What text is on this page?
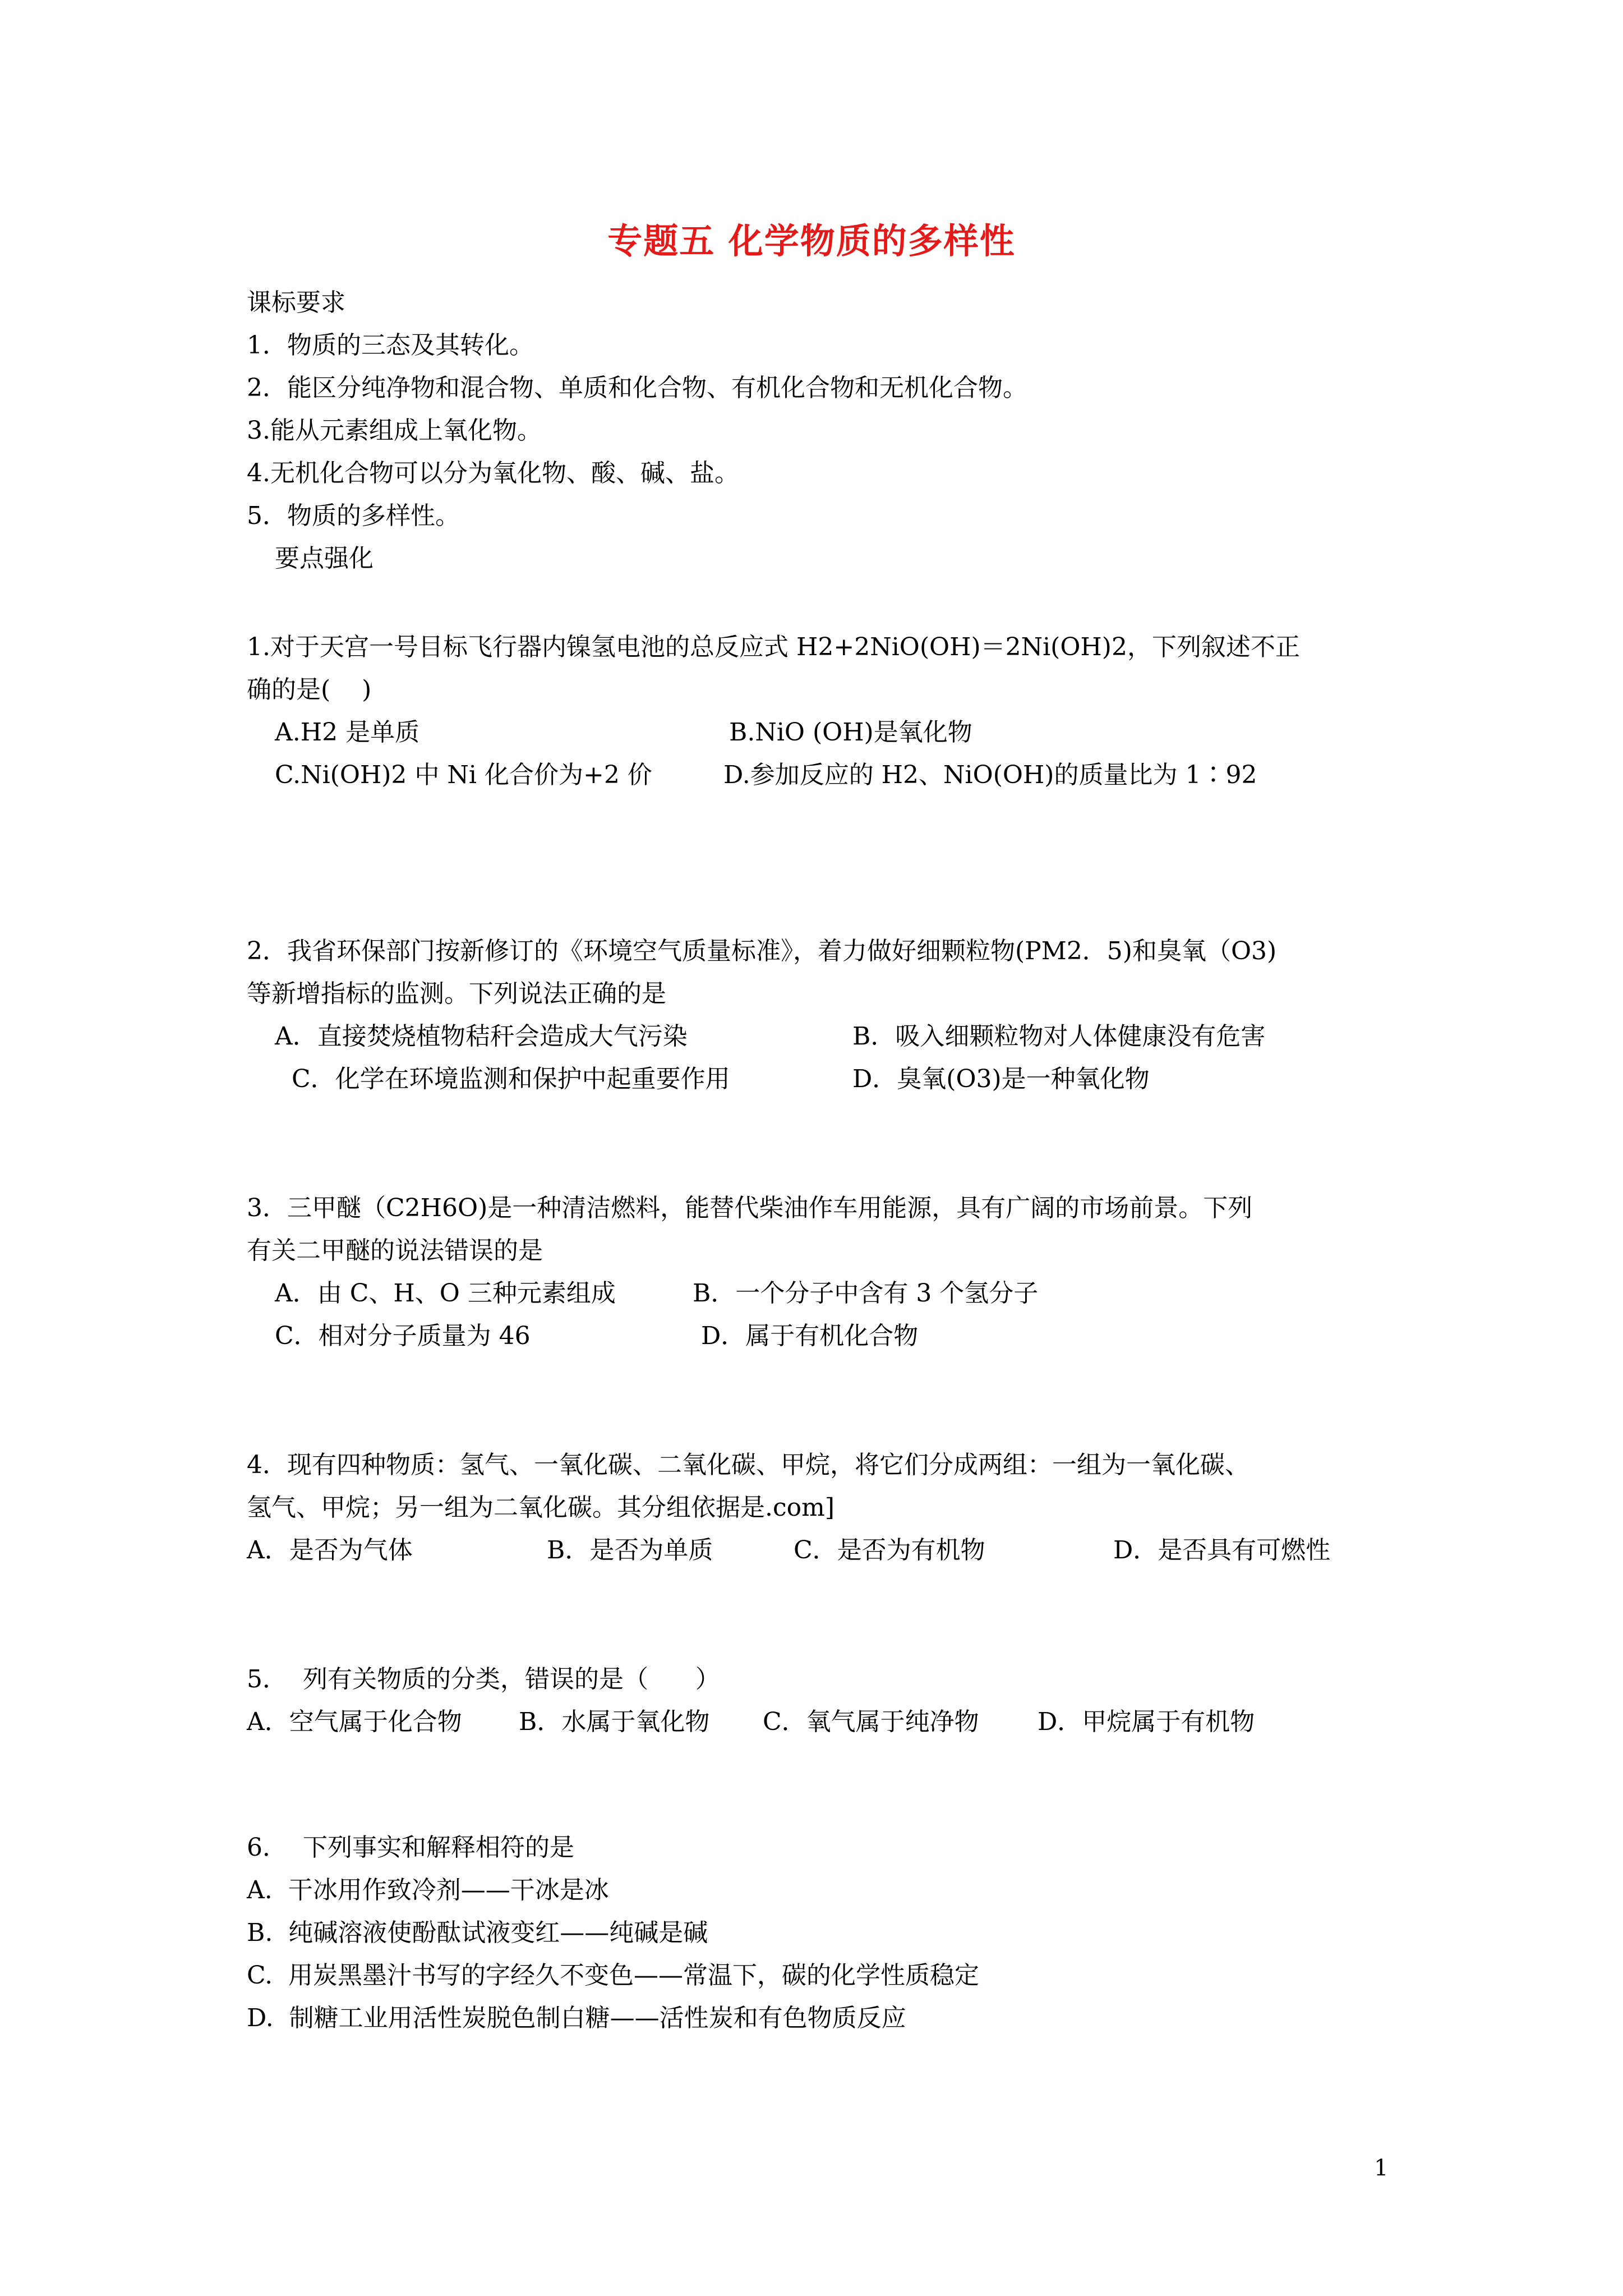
专题五 化学物质的多样性
课标要求
1．物质的三态及其转化。
2．能区分纯净物和混合物、单质和化合物、有机化合物和无机化合物。
3.能从元素组成上氧化物。
4.无机化合物可以分为氧化物、酸、碱、盐。
5．物质的多样性。
要点强化
1.对于天宫一号目标飞行器内镍氢电池的总反应式 H2+2NiO(OH)＝2Ni(OH)2，下列叙述不正
确的是(    )
A.H2 是单质	B.NiO (OH)是氧化物
C.Ni(OH)2 中 Ni 化合价为+2 价	D.参加反应的 H2、NiO(OH)的质量比为 1∶92
2．我省环保部门按新修订的《环境空气质量标准》，着力做好细颗粒物(PM2．5)和臭氧（O3)
等新增指标的监测。下列说法正确的是
A．直接焚烧植物秸秆会造成大气污染	B．吸入细颗粒物对人体健康没有危害
C．化学在环境监测和保护中起重要作用	D．臭氧(O3)是一种氧化物
3．三甲醚（C2H6O)是一种清洁燃料，能替代柴油作车用能源，具有广阔的市场前景。下列
有关二甲醚的说法错误的是
A．由 C、H、O 三种元素组成	B．一个分子中含有 3 个氢分子
C．相对分子质量为 46	D．属于有机化合物
4．现有四种物质：氢气、一氧化碳、二氧化碳、甲烷，将它们分成两组：一组为一氧化碳、
氢气、甲烷；另一组为二氧化碳。其分组依据是.com]
A．是否为气体	B．是否为单质	C．是否为有机物	D．是否具有可燃性
5．  列有关物质的分类，错误的是（      ）
A．空气属于化合物 B．水属于氧化物 C．氧气属于纯净物 D．甲烷属于有机物
6．  下列事实和解释相符的是
A.  干冰用作致冷剂——干冰是冰
B.  纯碱溶液使酚酞试液变红——纯碱是碱
C.  用炭黑墨汁书写的字经久不变色——常温下，碳的化学性质稳定
D.  制糖工业用活性炭脱色制白糖——活性炭和有色物质反应
1
